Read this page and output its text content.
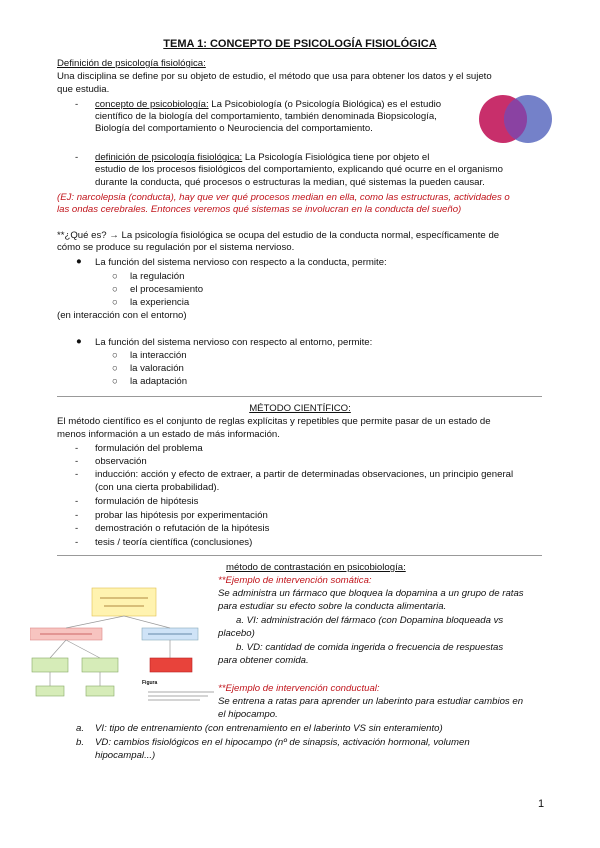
TEMA 1: CONCEPTO DE PSICOLOGÍA FISIOLÓGICA
Definición de psicología fisiológica:
Una disciplina se define por su objeto de estudio, el método que usa para obtener los datos y el sujeto
que estudia.
- concepto de psicobiología: La Psicobiología (o Psicología Biológica) es el estudio
científico de la biología del comportamiento, también denominada Biopsicología,
Biología del comportamiento o Neurociencia del comportamiento.
- definición de psicología fisiológica: La Psicología Fisiológica tiene por objeto el
estudio de los procesos fisiológicos del comportamiento, explicando qué ocurre en el organismo
durante la conducta, qué procesos o estructuras la median, qué sistemas la pueden causar.
(EJ: narcolepsia (conducta), hay que ver qué procesos median en ella, como las estructuras, actividades o
las ondas cerebrales. Entonces veremos qué sistemas se involucran en la conducta del sueño)
**¿Qué es? → La psicología fisiológica se ocupa del estudio de la conducta normal, específicamente de
cómo se produce su regulación por el sistema nervioso.
● La función del sistema nervioso con respecto a la conducta, permite:
○ la regulación
○ el procesamiento
○ la experiencia
(en interacción con el entorno)
● La función del sistema nervioso con respecto al entorno, permite:
○ la interacción
○ la valoración
○ la adaptación
MÉTODO CIENTÍFICO:
El método científico es el conjunto de reglas explícitas y repetibles que permite pasar de un estado de
menos información a un estado de más información.
- formulación del problema
- observación
- inducción: acción y efecto de extraer, a partir de determinadas observaciones, un principio general
(con una cierta probabilidad).
- formulación de hipótesis
- probar las hipótesis por experimentación
- demostración o refutación de la hipótesis
- tesis / teoría científica (conclusiones)
método de contrastación en psicobiología:
Figura
**Ejemplo de intervención somática:
Se administra un fármaco que bloquea la dopamina a un grupo de ratas
para estudiar su efecto sobre la conducta alimentaria.
a. VI: administración del fármaco (con Dopamina bloqueada vs
placebo)
b. VD: cantidad de comida ingerida o frecuencia de respuestas
para obtener comida.
**Ejemplo de intervención conductual:
Se entrena a ratas para aprender un laberinto para estudiar cambios en
el hipocampo.
a. VI: tipo de entrenamiento (con entrenamiento en el laberinto VS sin enteramiento)
b. VD: cambios fisiológicos en el hipocampo (nº de sinapsis, activación hormonal, volumen
hipocampal...)
1
